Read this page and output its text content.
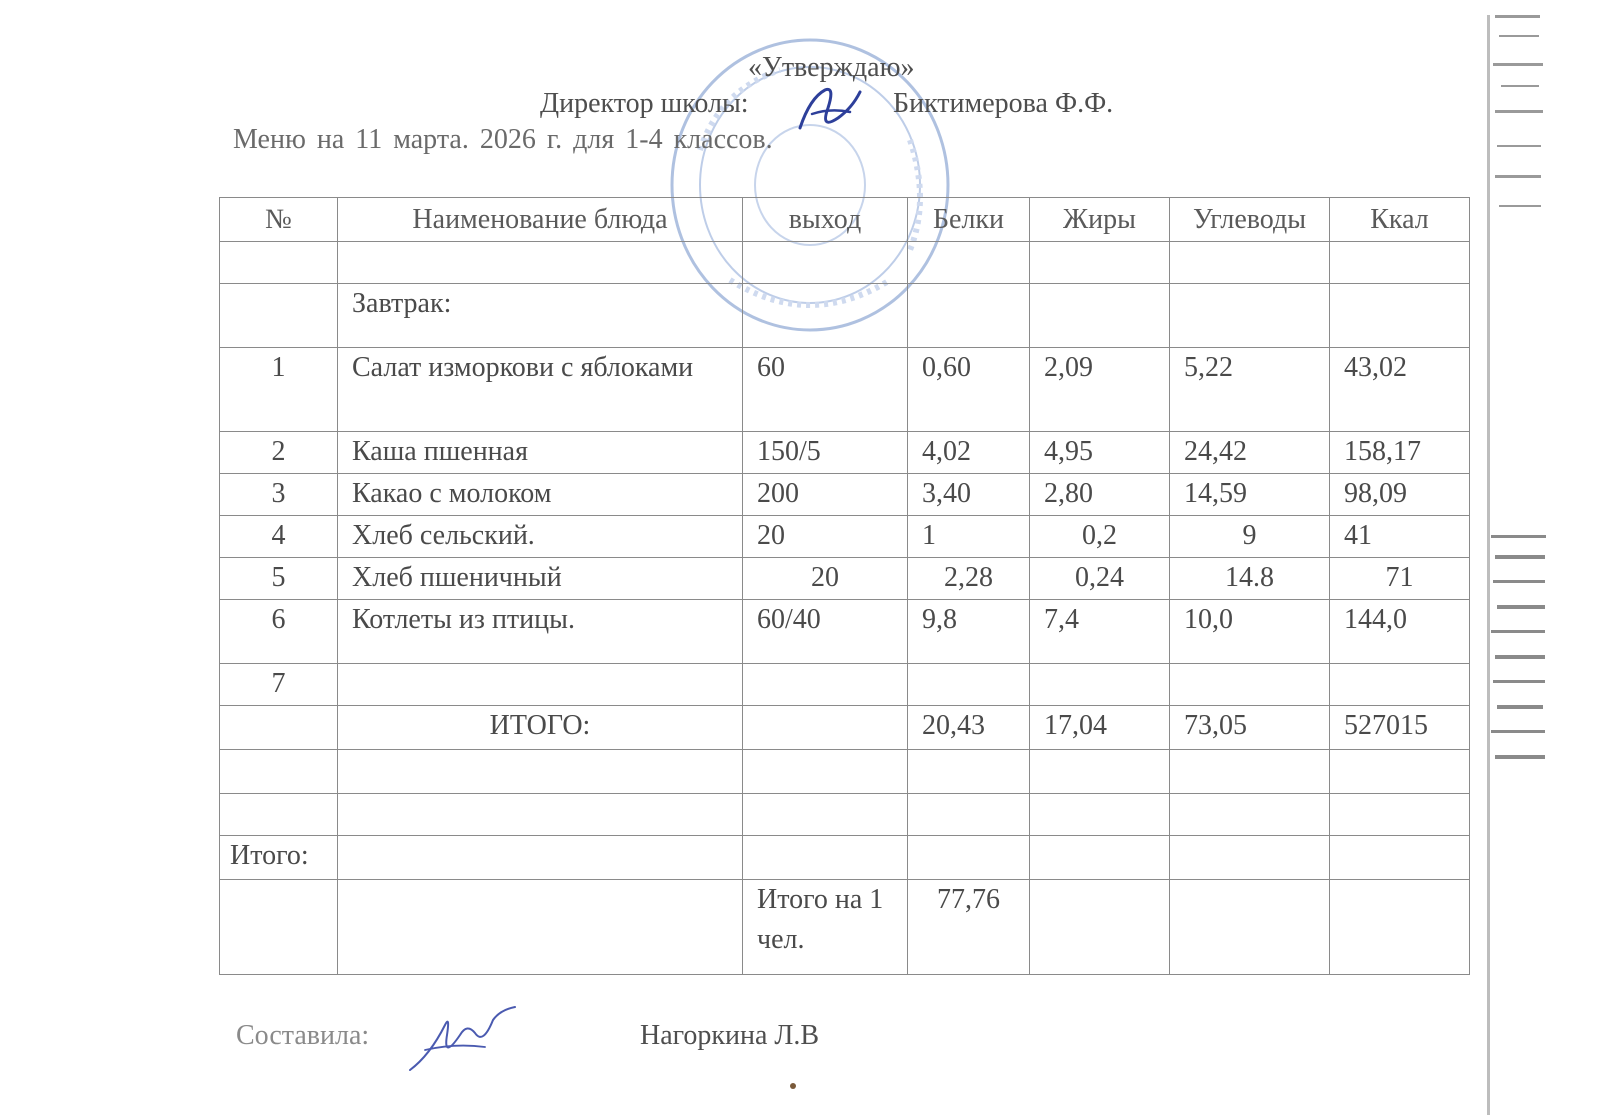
«Утверждаю»
Директор школы:	Биктимерова Ф.Ф.
Меню на 11 марта. 2026 г. для 1-4 классов.
№	Наименование блюда	выход	Белки	Жиры	Углеводы	Ккал

	Завтрак:					
1	Салат изморкови с яблоками	60	0,60	2,09	5,22	43,02
2	Каша пшенная	150/5	4,02	4,95	24,42	158,17
3	Какао с молоком	200	3,40	2,80	14,59	98,09
4	Хлеб сельский.	20	1	0,2	9	41
5	Хлеб пшеничный	20	2,28	0,24	14.8	71
6	Котлеты из птицы.	60/40	9,8	7,4	10,0	144,0
7						
	ИТОГО:		20,43	17,04	73,05	527015

Итого:						
		Итого на 1 чел.	77,76			
Составила:	Нагоркина Л.В
